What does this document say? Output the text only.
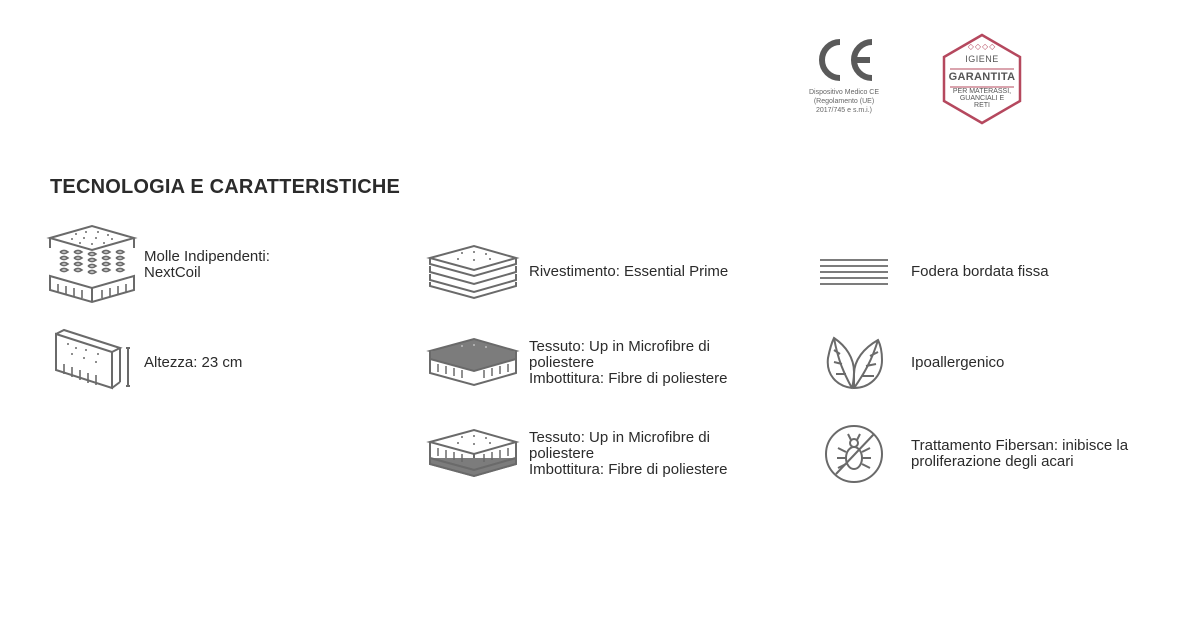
Dispositivo Medico CE
(Regolamento (UE)
2017/745 e s.m.i.)
◇◇◇◇
IGIENE
GARANTITA
PER MATERASSI,
GUANCIALI E
RETI
TECNOLOGIA E CARATTERISTICHE
Molle Indipendenti:
NextCoil
Altezza: 23 cm
Rivestimento: Essential Prime
Tessuto: Up in Microfibre di
poliestere
Imbottitura: Fibre di poliestere
Tessuto: Up in Microfibre di
poliestere
Imbottitura: Fibre di poliestere
Fodera bordata fissa
Ipoallergenico
Trattamento Fibersan: inibisce la
proliferazione degli acari
